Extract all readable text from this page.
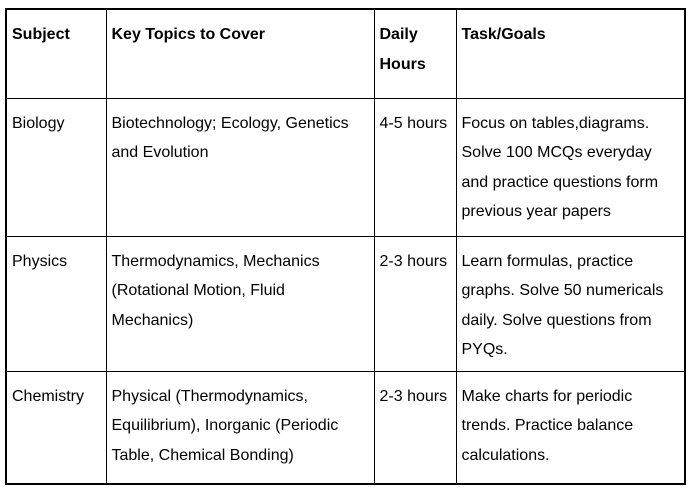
Subject	Key Topics to Cover	Daily Hours	Task/Goals
Biology	Biotechnology; Ecology, Genetics and Evolution	4-5 hours	Focus on tables,diagrams. Solve 100 MCQs everyday and practice questions form previous year papers
Physics	Thermodynamics, Mechanics (Rotational Motion, Fluid Mechanics)	2-3 hours	Learn formulas, practice graphs. Solve 50 numericals daily. Solve questions from PYQs.
Chemistry	Physical (Thermodynamics, Equilibrium), Inorganic (Periodic Table, Chemical Bonding)	2-3 hours	Make charts for periodic trends. Practice balance calculations.
